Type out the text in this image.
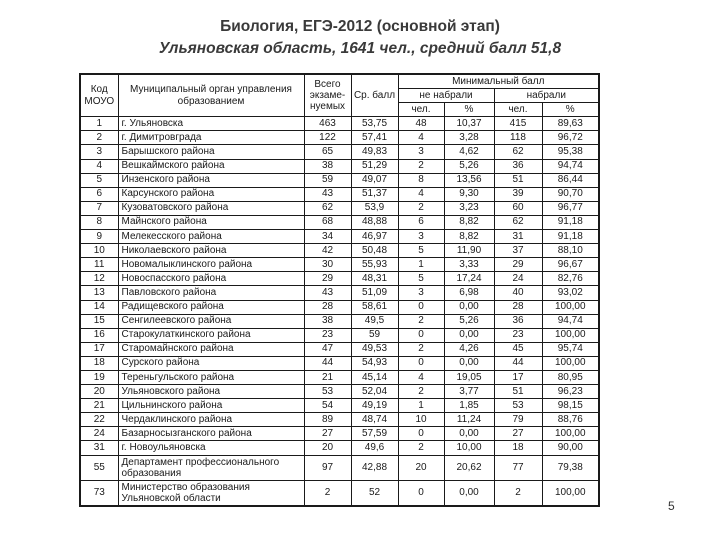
Биология, ЕГЭ-2012 (основной этап)
Ульяновская область, 1641 чел., средний балл 51,8
Код МОУО	Муниципальный орган управления образованием	Всего экзаме-нуемых	Ср. балл	Минимальный балл			
				не набрали		набрали	
				чел.	%	чел.	%
1	г. Ульяновска	463	53,75	48	10,37	415	89,63
2	г. Димитровграда	122	57,41	4	3,28	118	96,72
3	Барышского района	65	49,83	3	4,62	62	95,38
4	Вешкаймского района	38	51,29	2	5,26	36	94,74
5	Инзенского района	59	49,07	8	13,56	51	86,44
6	Карсунского района	43	51,37	4	9,30	39	90,70
7	Кузоватовского района	62	53,9	2	3,23	60	96,77
8	Майнского района	68	48,88	6	8,82	62	91,18
9	Мелекесского района	34	46,97	3	8,82	31	91,18
10	Николаевского района	42	50,48	5	11,90	37	88,10
11	Новомалыклинского района	30	55,93	1	3,33	29	96,67
12	Новоспасского района	29	48,31	5	17,24	24	82,76
13	Павловского района	43	51,09	3	6,98	40	93,02
14	Радищевского района	28	58,61	0	0,00	28	100,00
15	Сенгилеевского района	38	49,5	2	5,26	36	94,74
16	Старокулаткинского района	23	59	0	0,00	23	100,00
17	Старомайнского района	47	49,53	2	4,26	45	95,74
18	Сурского района	44	54,93	0	0,00	44	100,00
19	Тереньгульского района	21	45,14	4	19,05	17	80,95
20	Ульяновского района	53	52,04	2	3,77	51	96,23
21	Цильнинского района	54	49,19	1	1,85	53	98,15
22	Чердаклинского района	89	48,74	10	11,24	79	88,76
24	Базарносызганского района	27	57,59	0	0,00	27	100,00
31	г. Новоульяновска	20	49,6	2	10,00	18	90,00
55	Департамент профессионального образования	97	42,88	20	20,62	77	79,38
73	Министерство образования Ульяновской области	2	52	0	0,00	2	100,00
5
